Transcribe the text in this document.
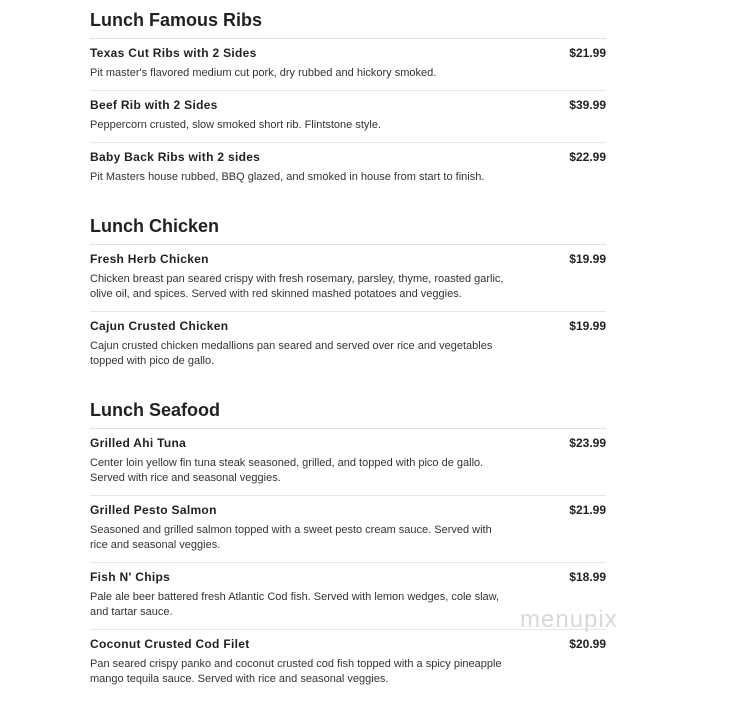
Lunch Famous Ribs
Texas Cut Ribs with 2 Sides	$21.99
Pit master's flavored medium cut pork, dry rubbed and hickory smoked.
Beef Rib with 2 Sides	$39.99
Peppercorn crusted, slow smoked short rib. Flintstone style.
Baby Back Ribs with 2 sides	$22.99
Pit Masters house rubbed, BBQ glazed, and smoked in house from start to finish.
Lunch Chicken
Fresh Herb Chicken	$19.99
Chicken breast pan seared crispy with fresh rosemary, parsley, thyme, roasted garlic, olive oil, and spices. Served with red skinned mashed potatoes and veggies.
Cajun Crusted Chicken	$19.99
Cajun crusted chicken medallions pan seared and served over rice and vegetables topped with pico de gallo.
Lunch Seafood
Grilled Ahi Tuna	$23.99
Center loin yellow fin tuna steak seasoned, grilled, and topped with pico de gallo. Served with rice and seasonal veggies.
Grilled Pesto Salmon	$21.99
Seasoned and grilled salmon topped with a sweet pesto cream sauce. Served with rice and seasonal veggies.
Fish N' Chips	$18.99
Pale ale beer battered fresh Atlantic Cod fish. Served with lemon wedges, cole slaw, and tartar sauce.
Coconut Crusted Cod Filet	$20.99
Pan seared crispy panko and coconut crusted cod fish topped with a spicy pineapple mango tequila sauce. Served with rice and seasonal veggies.
menupix
